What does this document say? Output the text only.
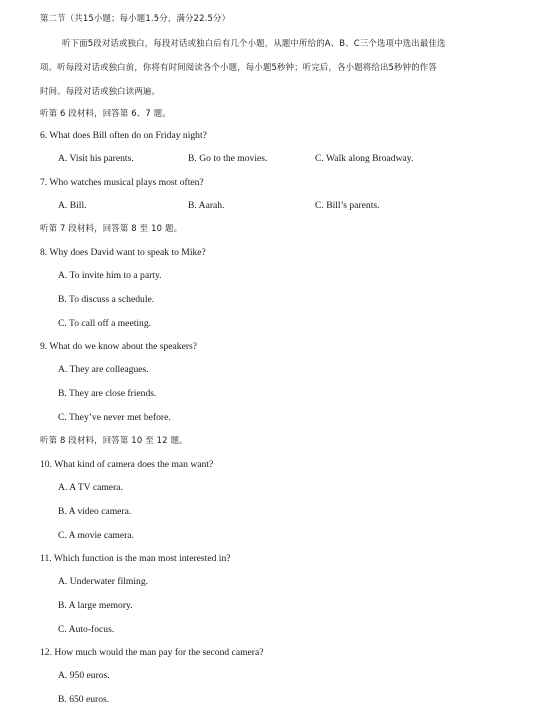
第二节（共15小题；每小题1.5分，满分22.5分）
听下面5段对话或独白，每段对话或独白后有几个小题，从题中所给的A、B、C三个选项中选出最佳选
项。听每段对话或独白前，你将有时间阅读各个小题，每小题5秒钟；听完后，各小题将给出5秒钟的作答
时间。每段对话或独白读两遍。
听第 6 段材料，回答第 6、7 题。
6. What does Bill often do on Friday night?
A. Visit his parents.	B. Go to the movies.	C. Walk along Broadway.
7. Who watches musical plays most often?
A. Bill.	B. Aarah.	C. Bill’s parents.
听第 7 段材料，回答第 8 至 10 题。
8. Why does David want to speak to Mike?
A. To invite him to a party.
B. To discuss a schedule.
C. To call off a meeting.
9. What do we know about the speakers?
A. They are colleagues.
B. They are close friends.
C. They’ve never met before.
听第 8 段材料，回答第 10 至 12 题。
10. What kind of camera does the man want?
A. A TV camera.
B. A video camera.
C. A movie camera.
11. Which function is the man most interested in?
A. Underwater filming.
B. A large memory.
C. Auto-focus.
12. How much would the man pay for the second camera?
A. 950 euros.
B. 650 euros.
